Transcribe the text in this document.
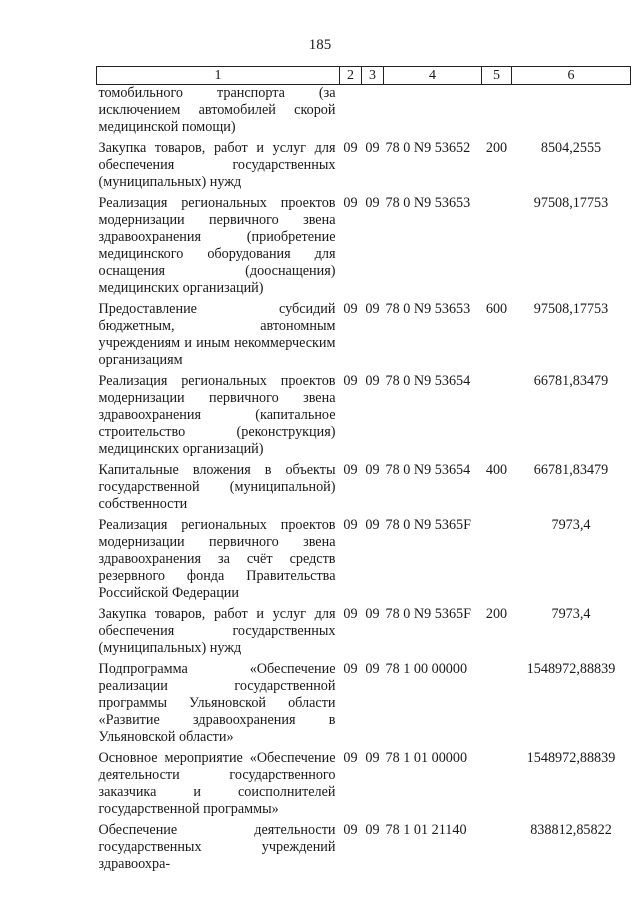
185
1	2	3	4	5	6
томобильного транспорта (за исключением автомобилей скорой медицинской помощи)					
Закупка товаров, работ и услуг для обеспечения государственных (муниципальных) нужд	09	09	78 0 N9 53652	200	8504,2555
Реализация региональных проектов модернизации первичного звена здравоохранения (приобретение медицинского оборудования для оснащения (дооснащения) медицинских организаций)	09	09	78 0 N9 53653		97508,17753
Предоставление субсидий бюджетным, автономным учреждениям и иным некоммерческим организациям	09	09	78 0 N9 53653	600	97508,17753
Реализация региональных проектов модернизации первичного звена здравоохранения (капитальное строительство (реконструкция) медицинских организаций)	09	09	78 0 N9 53654		66781,83479
Капитальные вложения в объекты государственной (муниципальной) собственности	09	09	78 0 N9 53654	400	66781,83479
Реализация региональных проектов модернизации первичного звена здравоохранения за счёт средств резервного фонда Правительства Российской Федерации	09	09	78 0 N9 5365F		7973,4
Закупка товаров, работ и услуг для обеспечения государственных (муниципальных) нужд	09	09	78 0 N9 5365F	200	7973,4
Подпрограмма «Обеспечение реализации государственной программы Ульяновской области «Развитие здравоохранения в Ульяновской области»	09	09	78 1 00 00000		1548972,88839
Основное мероприятие «Обеспечение деятельности государственного заказчика и соисполнителей государственной программы»	09	09	78 1 01 00000		1548972,88839
Обеспечение деятельности государственных учреждений здравоохра-	09	09	78 1 01 21140		838812,85822
